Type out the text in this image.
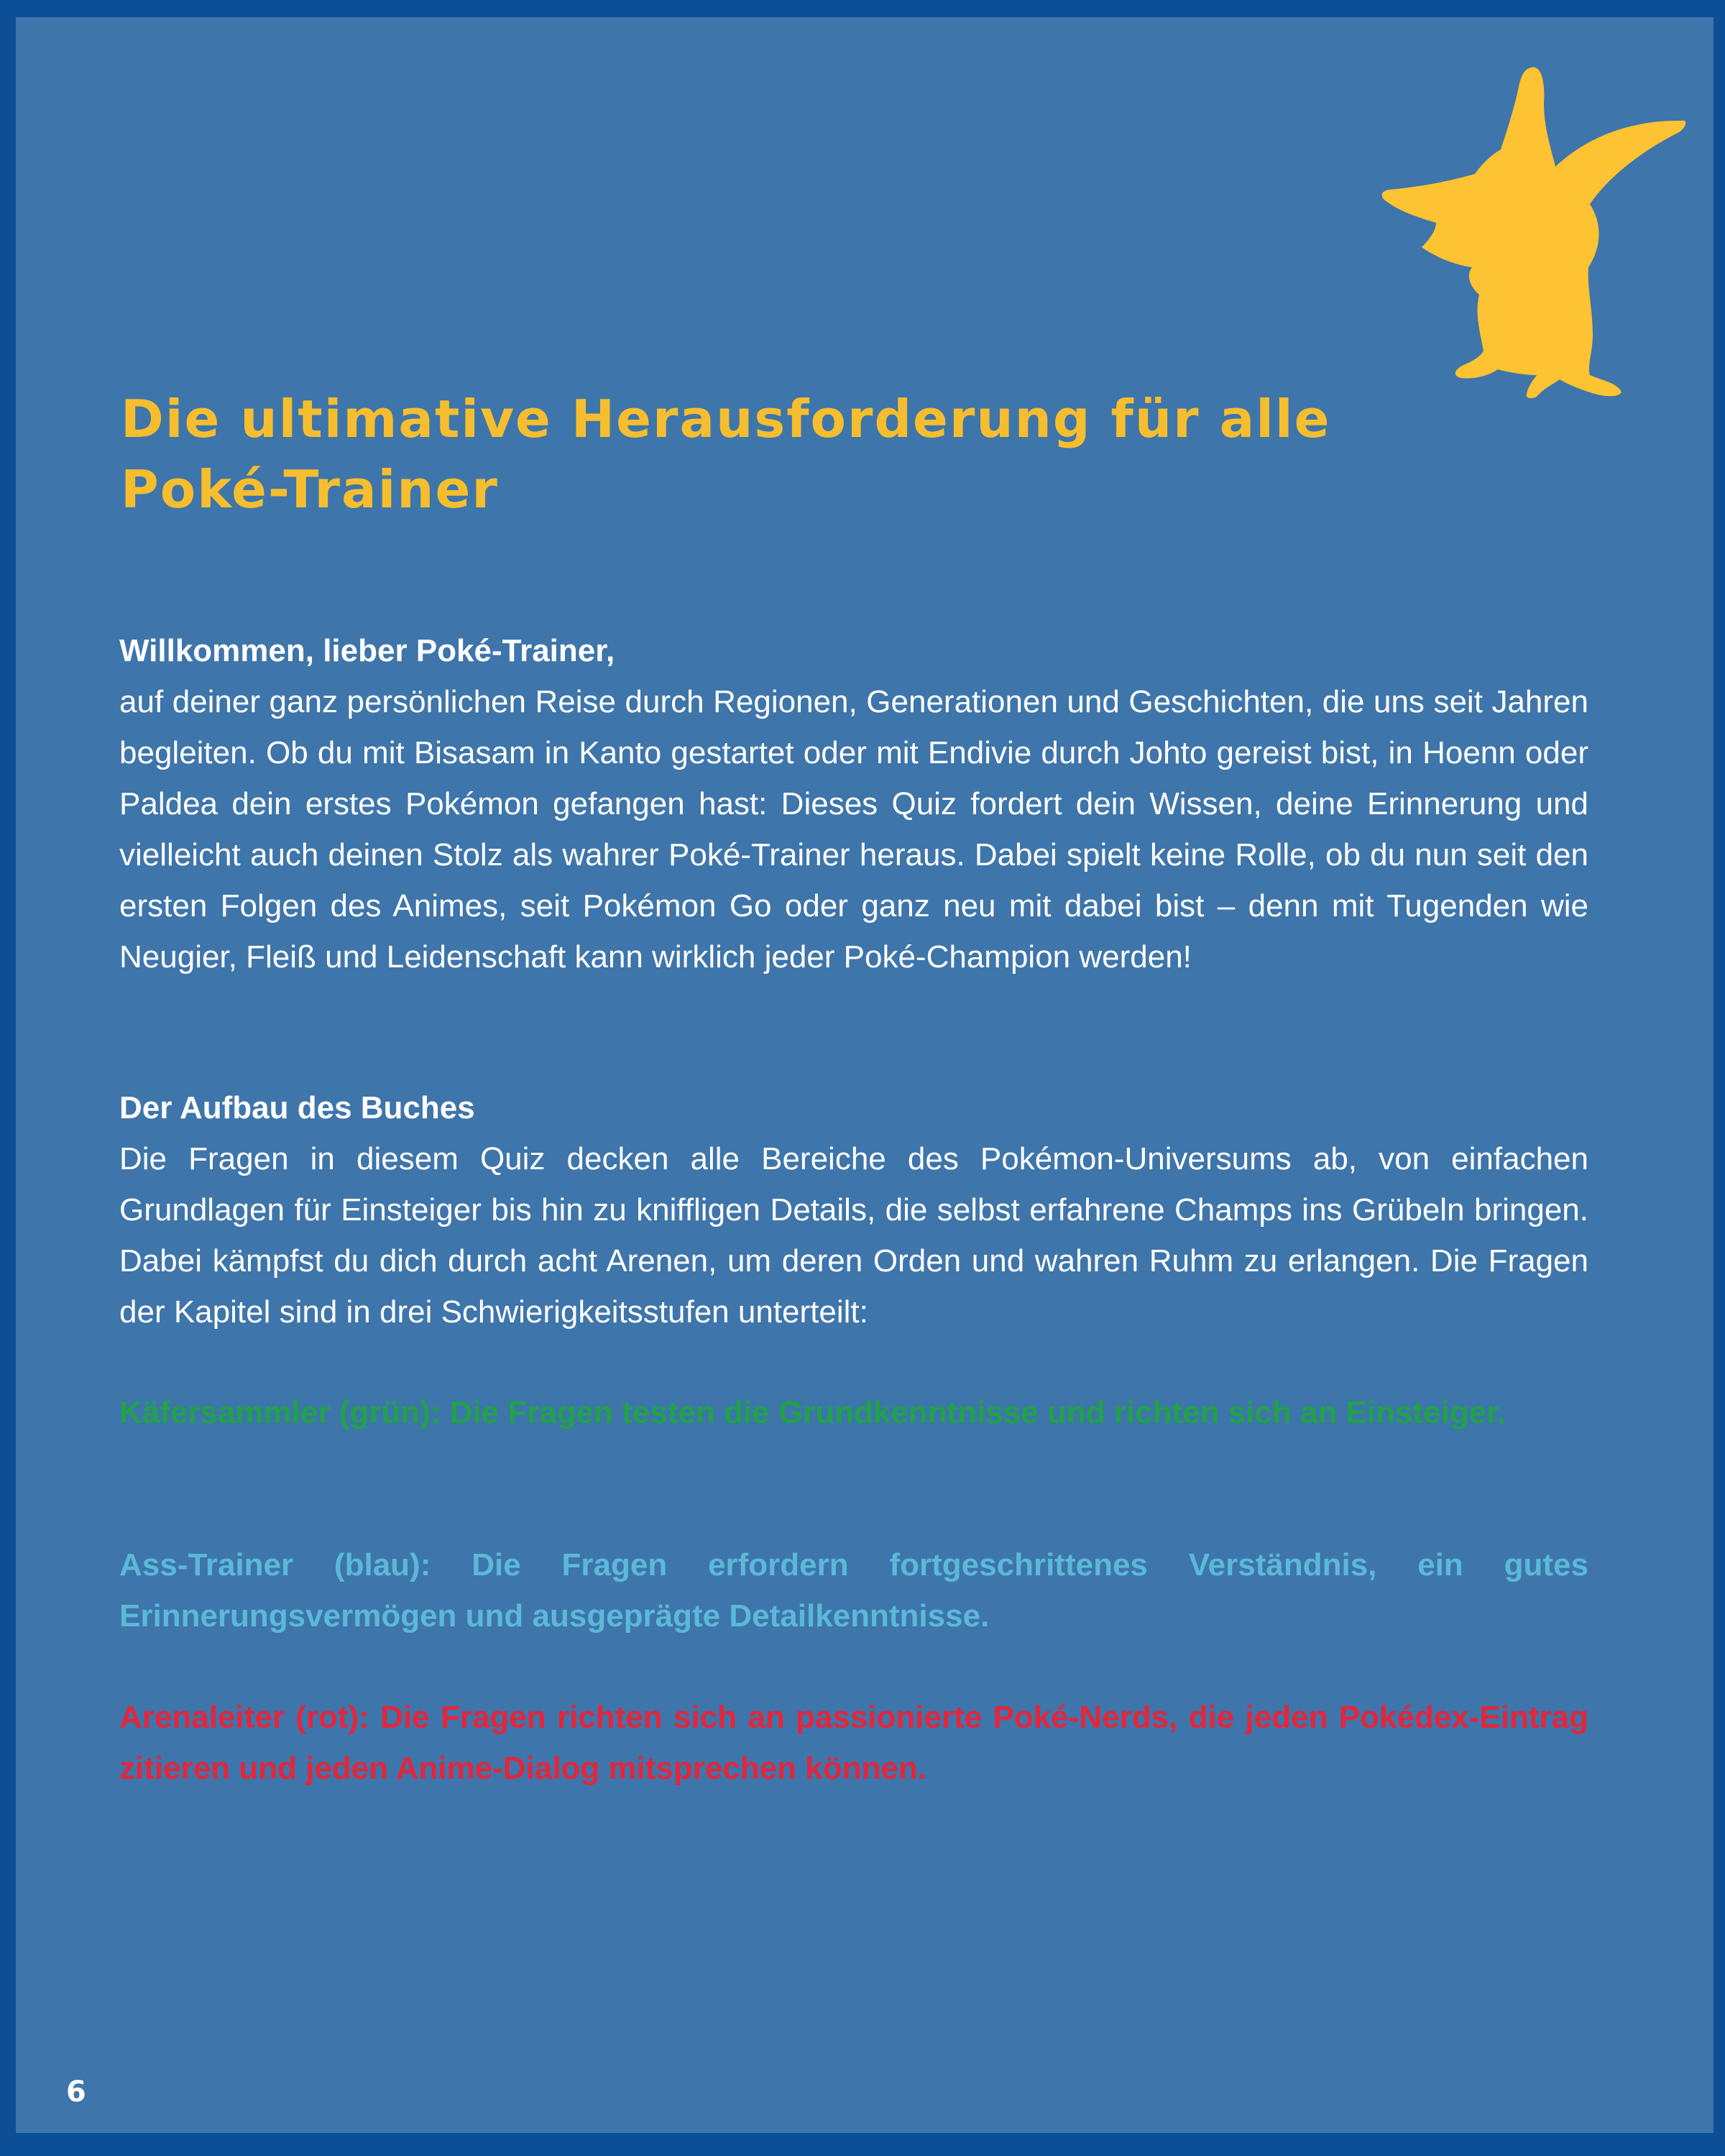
Die ultimative Herausforderung für alle
Poké-Trainer
Willkommen, lieber Poké-Trainer,
auf deiner ganz persönlichen Reise durch Regionen, Generationen und Geschichten, die uns seit Jahren begleiten. Ob du mit Bisasam in Kanto gestartet oder mit Endivie durch Johto gereist bist, in Hoenn oder Paldea dein erstes Pokémon gefangen hast: Dieses Quiz fordert dein Wissen, deine Erinnerung und vielleicht auch deinen Stolz als wahrer Poké-Trainer heraus. Dabei spielt keine Rolle, ob du nun seit den ersten Folgen des Animes, seit Pokémon Go oder ganz neu mit dabei bist – denn mit Tugenden wie Neugier, Fleiß und Leidenschaft kann wirklich jeder Poké-Champion werden!
Der Aufbau des Buches
Die Fragen in diesem Quiz decken alle Bereiche des Pokémon-Universums ab, von einfachen Grundlagen für Einsteiger bis hin zu kniffligen Details, die selbst erfahrene Champs ins Grübeln bringen. Dabei kämpfst du dich durch acht Arenen, um deren Orden und wahren Ruhm zu erlangen. Die Fragen der Kapitel sind in drei Schwierigkeitsstufen unterteilt:

Käfersammler (grün): Die Fragen testen die Grundkenntnisse und richten sich an Einsteiger.

Ass-Trainer (blau): Die Fragen erfordern fortgeschrittenes Verständnis, ein gutes Erinnerungsvermögen und ausgeprägte Detailkenntnisse.

Arenaleiter (rot): Die Fragen richten sich an passionierte Poké-Nerds, die jeden Pokédex-Eintrag zitieren und jeden Anime-Dialog mitsprechen können.

6
